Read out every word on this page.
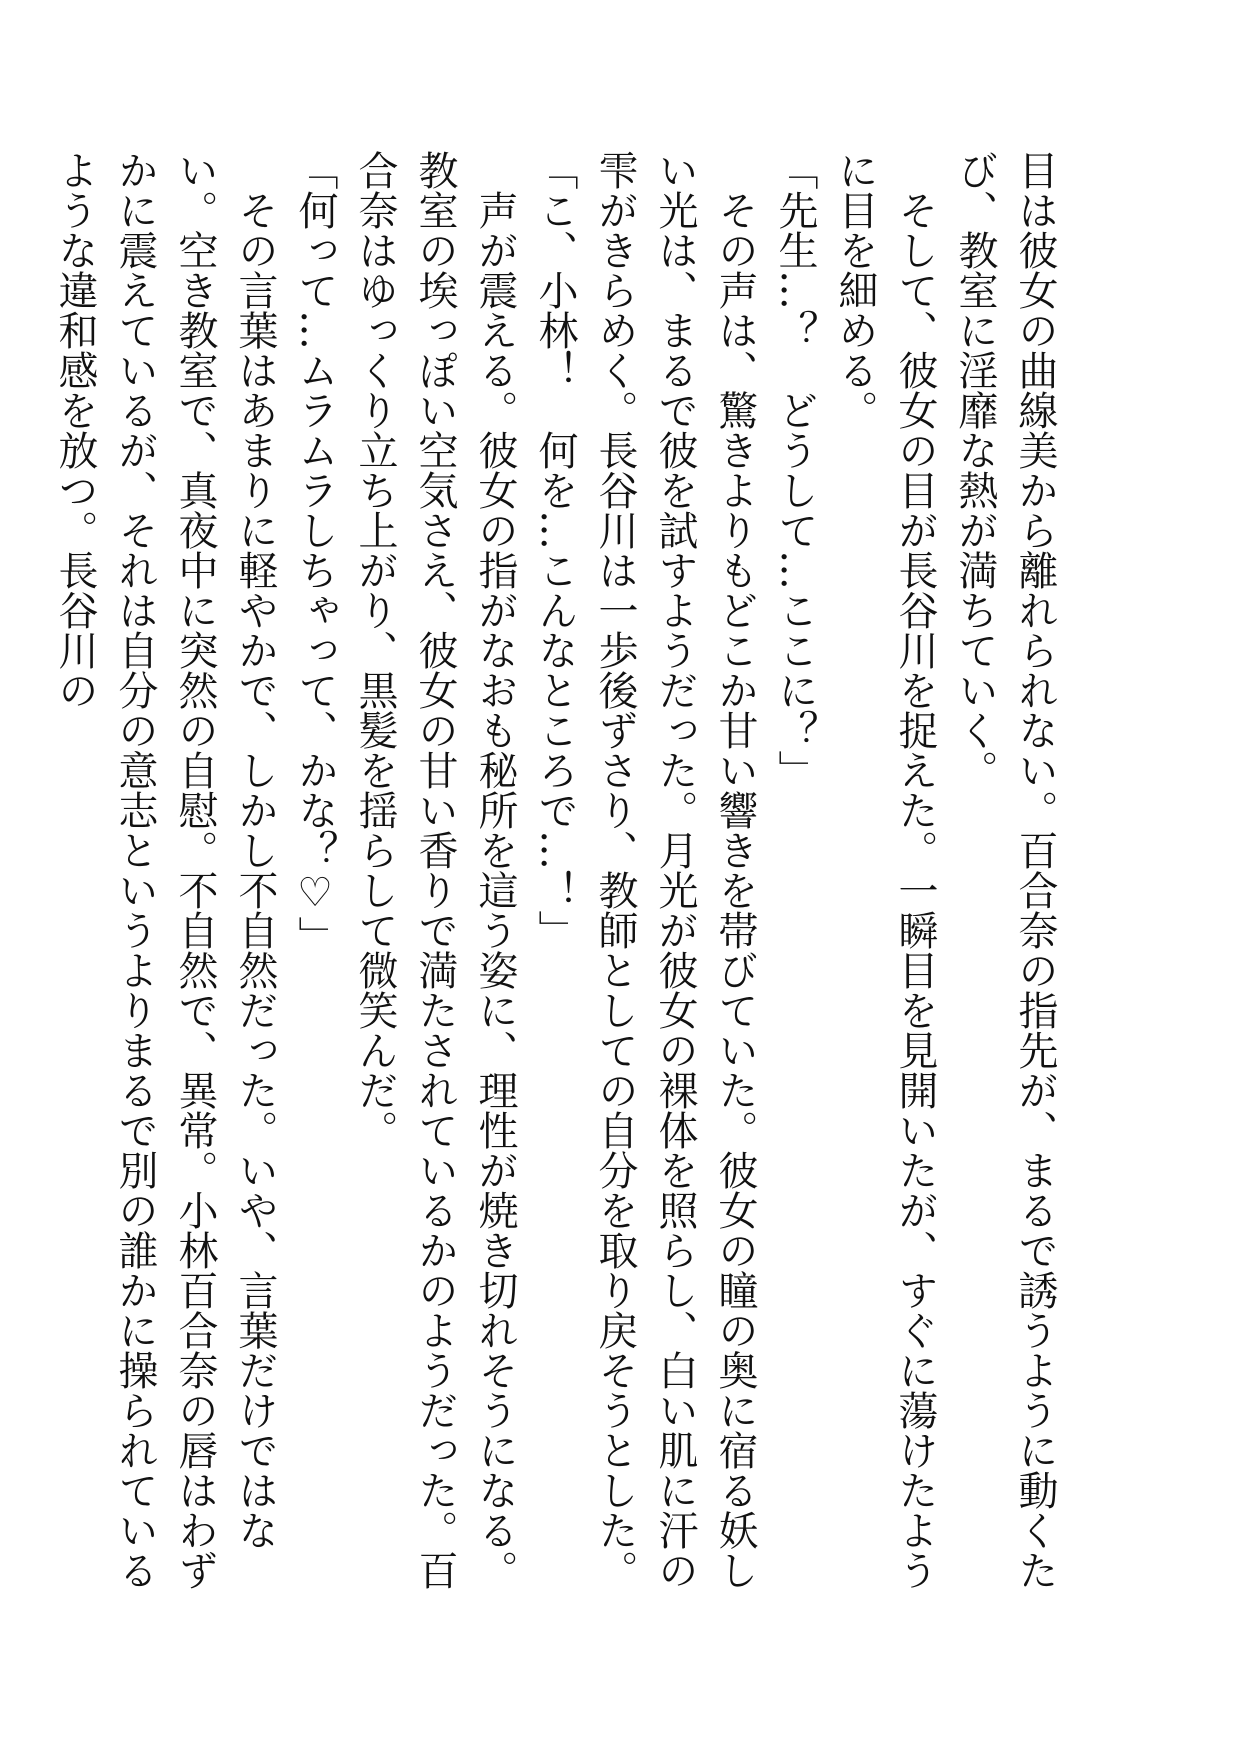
目は彼女の曲線美から離れられない。百合奈の指先が、まるで誘うように動くたび、教室に淫靡な熱が満ちていく。

そして、彼女の目が長谷川を捉えた。一瞬目を見開いたが、すぐに蕩けたように目を細める。

「先生…？　どうして…ここに？」

その声は、驚きよりもどこか甘い響きを帯びていた。彼女の瞳の奥に宿る妖しい光は、まるで彼を試すようだった。月光が彼女の裸体を照らし、白い肌に汗の雫がきらめく。長谷川は一歩後ずさり、教師としての自分を取り戻そうとした。

「こ、小林！　何を…こんなところで…！」

声が震える。彼女の指がなおも秘所を這う姿に、理性が焼き切れそうになる。教室の埃っぽい空気さえ、彼女の甘い香りで満たされているかのようだった。百合奈はゆっくり立ち上がり、黒髪を揺らして微笑んだ。

「何って…ムラムラしちゃって、かな？♡」

その言葉はあまりに軽やかで、しかし不自然だった。いや、言葉だけではない。空き教室で、真夜中に突然の自慰。不自然で、異常。小林百合奈の唇はわずかに震えているが、それは自分の意志というよりまるで別の誰かに操られているような違和感を放つ。長谷川の
